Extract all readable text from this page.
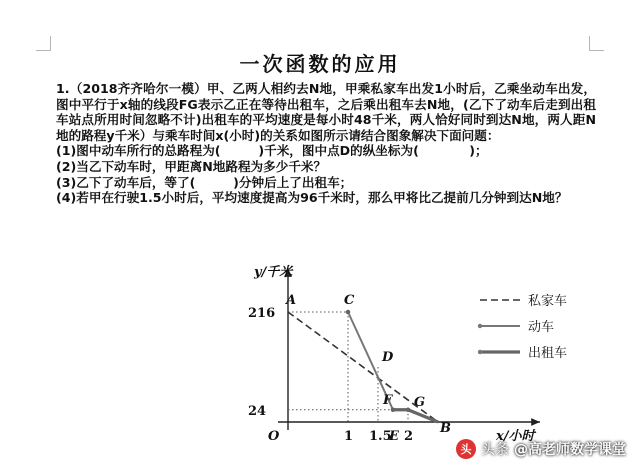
一次函数的应用

1.（2018齐齐哈尔一模）甲、乙两人相约去N地，甲乘私家车出发1小时后，乙乘坐动车出发，图中平行于x轴的线段FG表示乙正在等待出租车，之后乘出租车去N地，(乙下了动车后走到出租车站点所用时间忽略不计)出租车的平均速度是每小时48千米，两人恰好同时到达N地，两人距N地的路程y千米）与乘车时间x(小时)的关系如图所示请结合图象解决下面问题：

(1)图中动车所行的总路程为(　　　)千米，图中点D的纵坐标为(　　　　)；

(2)当乙下动车时，甲距离N地路程为多少千米？

(3)乙下了动车后，等了(　　　)分钟后上了出租车；

(4)若甲在行驶1.5小时后，平均速度提高为96千米时，那么甲将比乙提前几分钟到达N地？

y/千米
x/小时
O
216
24
1 1.5
E 2
A	C
D
F G
B
私家车
动车
出租车
头 头条 @高老师数学课堂
